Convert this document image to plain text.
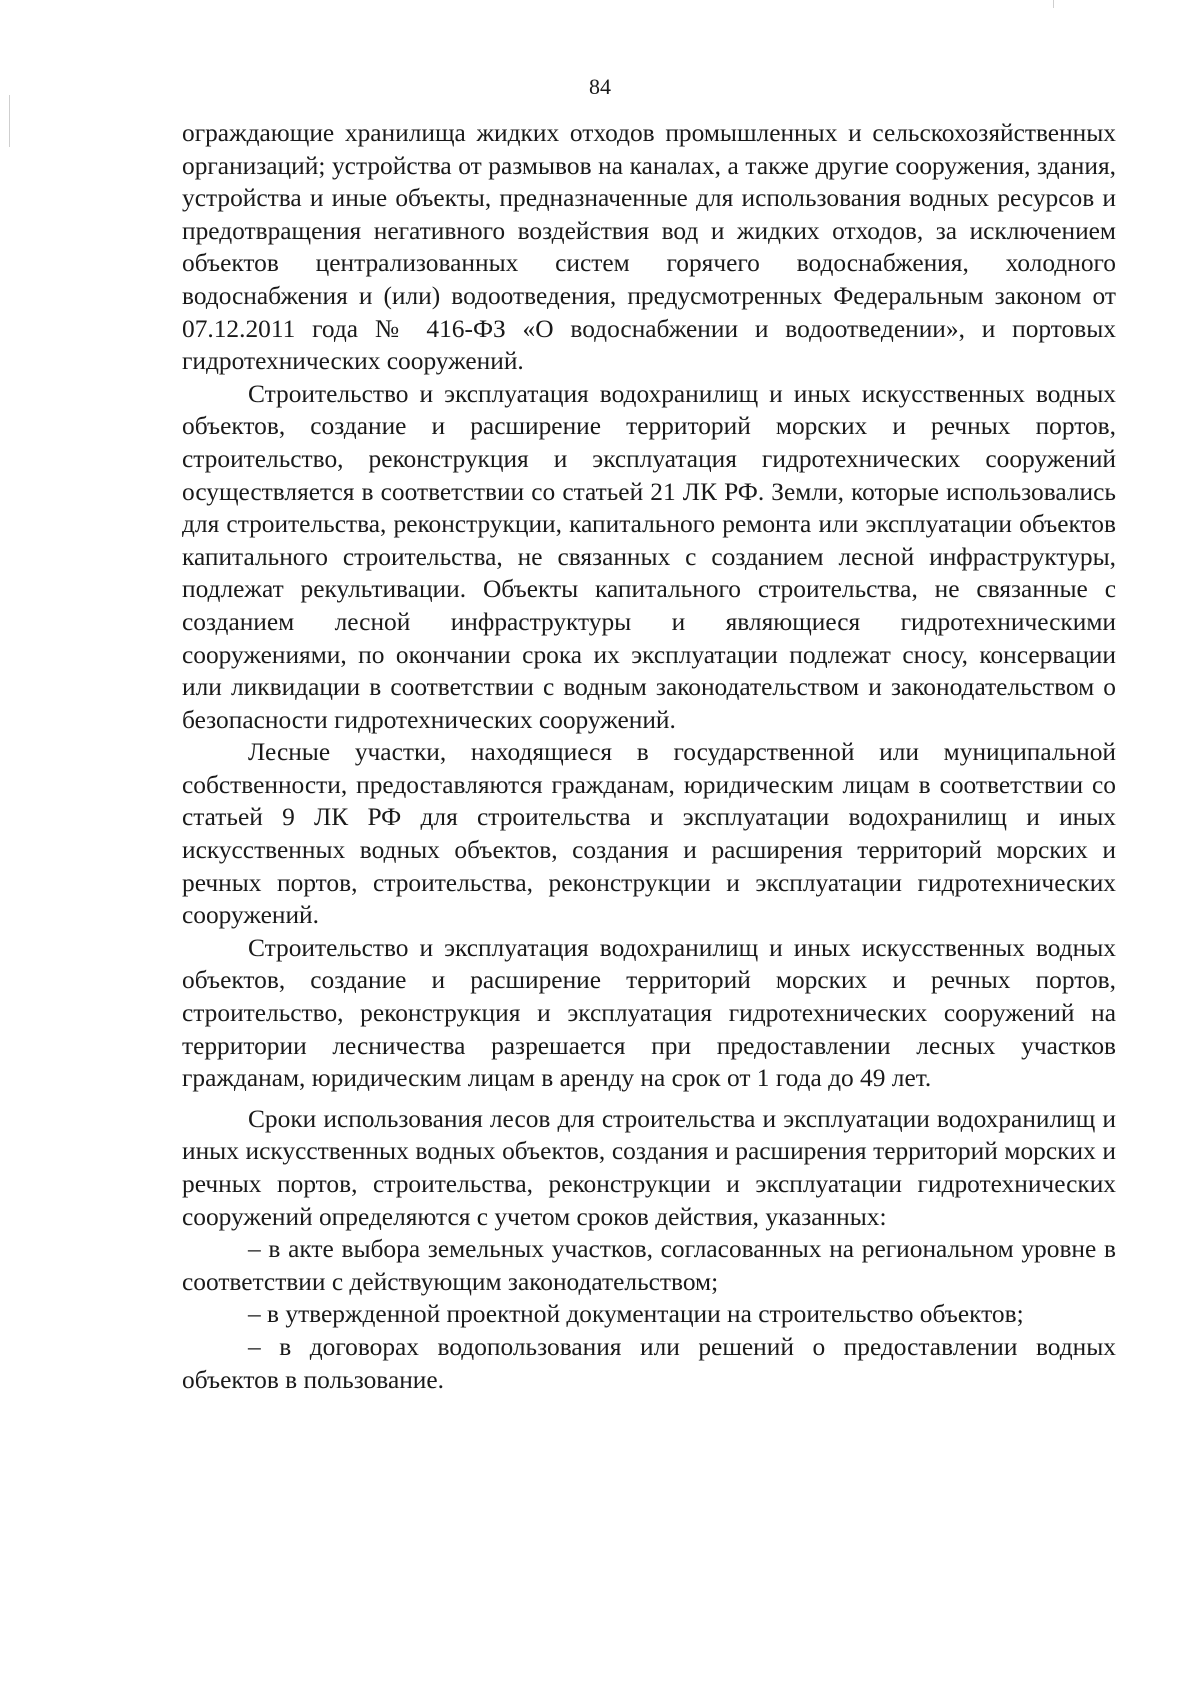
84

ограждающие хранилища жидких отходов промышленных и сельскохозяйственных организаций; устройства от размывов на каналах, а также другие сооружения, здания, устройства и иные объекты, предназначенные для использования водных ресурсов и предотвращения негативного воздействия вод и жидких отходов, за исключением объектов централизованных систем горячего водоснабжения, холодного водоснабжения и (или) водоотведения, предусмотренных Федеральным законом от 07.12.2011 года № 416-ФЗ «О водоснабжении и водоотведении», и портовых гидротехнических сооружений.

Строительство и эксплуатация водохранилищ и иных искусственных водных объектов, создание и расширение территорий морских и речных портов, строительство, реконструкция и эксплуатация гидротехнических сооружений осуществляется в соответствии со статьей 21 ЛК РФ. Земли, которые использовались для строительства, реконструкции, капитального ремонта или эксплуатации объектов капитального строительства, не связанных с созданием лесной инфраструктуры, подлежат рекультивации. Объекты капитального строительства, не связанные с созданием лесной инфраструктуры и являющиеся гидротехническими сооружениями, по окончании срока их эксплуатации подлежат сносу, консервации или ликвидации в соответствии с водным законодательством и законодательством о безопасности гидротехнических сооружений.

Лесные участки, находящиеся в государственной или муниципальной собственности, предоставляются гражданам, юридическим лицам в соответствии со статьей 9 ЛК РФ для строительства и эксплуатации водохранилищ и иных искусственных водных объектов, создания и расширения территорий морских и речных портов, строительства, реконструкции и эксплуатации гидротехнических сооружений.

Строительство и эксплуатация водохранилищ и иных искусственных водных объектов, создание и расширение территорий морских и речных портов, строительство, реконструкция и эксплуатация гидротехнических сооружений на территории лесничества разрешается при предоставлении лесных участков гражданам, юридическим лицам в аренду на срок от 1 года до 49 лет.

Сроки использования лесов для строительства и эксплуатации водохранилищ и иных искусственных водных объектов, создания и расширения территорий морских и речных портов, строительства, реконструкции и эксплуатации гидротехнических сооружений определяются с учетом сроков действия, указанных:

– в акте выбора земельных участков, согласованных на региональном уровне в соответствии с действующим законодательством;

– в утвержденной проектной документации на строительство объектов;

– в договорах водопользования или решений о предоставлении водных объектов в пользование.
